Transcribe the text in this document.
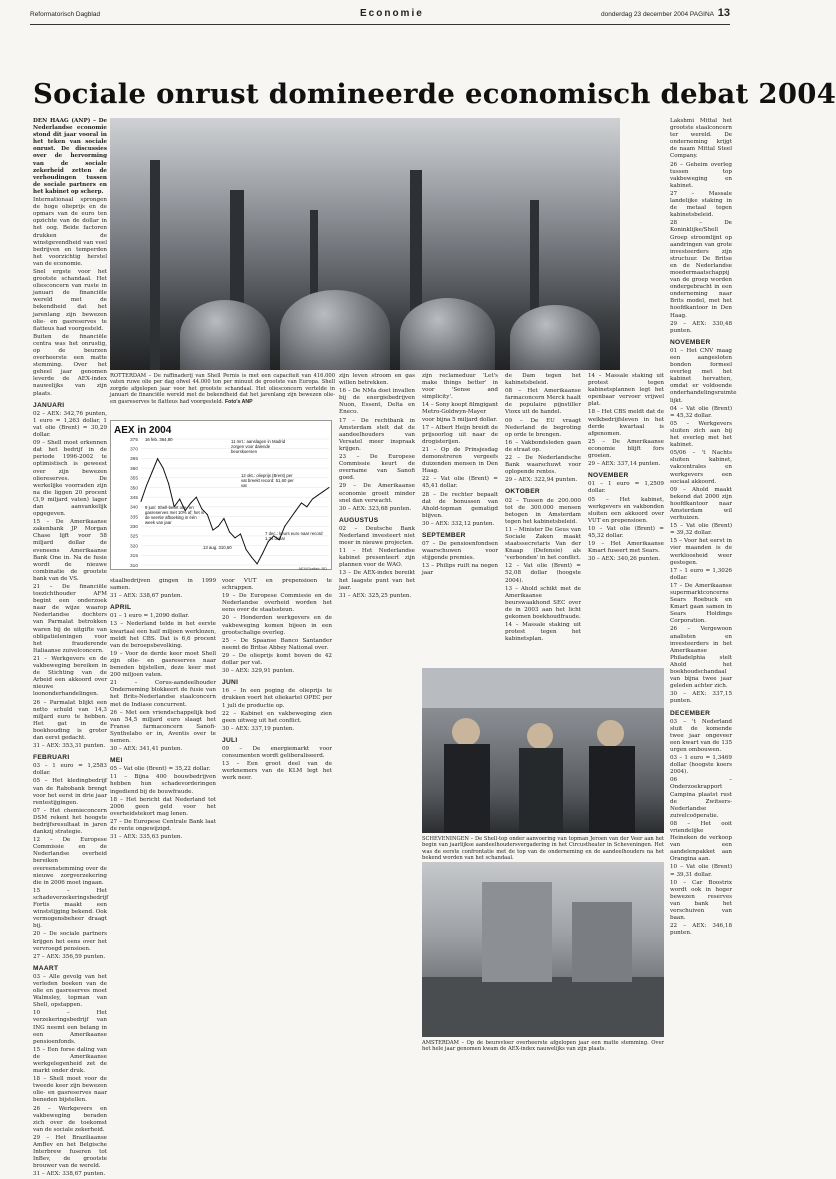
Reformatorisch Dagblad	Economie	donderdag 23 december 2004 PAGINA 13
Sociale onrust domineerde economisch debat 2004

DEN HAAG (ANP) – De Nederlandse economie stond dit jaar vooral in het teken van sociale onrust. De discussies over de hervorming van de sociale zekerheid zetten de verhoudingen tussen de sociale partners en het kabinet op scherp.

Internationaal sprongen de hoge olieprijs en de opmars van de euro ten opzichte van de dollar in het oog. Beide factoren drukken de winstgevendheid van veel bedrijven en temperden het voorzichtig herstel van de economie.

Snel ergste voor het grootste schandaal. Het oliesconcern van ruste in januari de financiële wereld met de bekendheid dat het jarenlang zijn bewezen olie- en gasreserves te flatteus had voorgesteld.

Buiten de financiële centra was het onrustig, op de beurzen overheerste een matte stemming. Over het geheel jaar genomen leverde de AEX-index nauwelijks van zijn plaats.

JANUARI

02 – AEX: 342,76 punten, 1 euro = 1,263 dollar, 1 vat olie (Brent) = 30,29 dollar.

09 – Shell moet erkennen dat het bedrijf in de periode 1996-2002 te optimistisch is geweest over zijn bewezen oliereserves. De werkelijke voorraden zijn na die liggen 20 procent (3,9 miljard vaten) lager dan aanvankelijk opgegeven.

15 – De Amerikaanse zakenbank JP Morgan Chase lijft voor 58 miljard dollar de eveneens Amerikaanse Bank One in. Na de fusie wordt de nieuwe combinatie de grootste bank van de VS.

21 – De financiële toezichthouder AFM begint een onderzoek naar de wijze waarop Nederlandse dochters van Parmalat betrokken waren bij de uitgifte van obligatieleningen voor het frauderende Italiaanse zuivelconcern.

21 – Werkgevers en de vakbeweging bereiken in de Stichting van de Arbeid een akkoord over nieuwe loononderhandelingen.

26 – Parmalat blijkt een netto schuld van 14,3 miljard euro te hebben. Het gat in de boekhouding is groter dan eerst gedacht.

31 – AEX: 353,31 punten.

FEBRUARI

03 – 1 euro = 1,2583 dollar.

05 – Het kledingbedrijf van de Rabobank brengt voor het eerst in drie jaar rentestijgingen.

07 – Het chemieconcern DSM rekent het hoogste bedrijfsresultaat in jaren dankzij strategie.

12 – De Europese Commissie en de Nederlandse overheid bereiken overeenstemming over de nieuwe zorgverzekering die in 2006 moet ingaan.

15 – Het schadeverzekeringsbedrijf Fortis maakt een winststijging bekend. Ook vermogensbeheer draagt bij.

20 – De sociale partners krijgen het eens over het vervroegd pensioen.

27 – AEX: 356,59 punten.

MAART

03 – Alle gevolg van het verleden boeken van de olie en gasreserves moet Walmsley, topman van Shell, opstappen.

10 – Het verzekeringsbedrijf van ING neemt een belang in een Amerikaanse pensioenfonds.

15 – Een forse daling van de Amerikaanse werkgelegenheid zet de markt onder druk.

18 – Shell moet voor de tweede keer zijn bewezen olie- en gasreserves naar beneden bijstellen.

26 – Werkgevers en vakbeweging beraden zich over de toekomst van de sociale zekerheid.

29 – Het Braziliaanse AmBev en het Belgische Interbrew fuseren tot InBev, de grootste brouwer van de wereld.

31 – AEX: 338,67 punten.

ROTTERDAM – De raffinaderij van Shell Pernis is met een capaciteit van 416.000 vaten ruwe olie per dag ofwel 44.000 ton per minuut de grootste van Europa. Shell zorgde afgelopen jaar voor het grootste schandaal. Het oliesconcern vertelde in januari de financiële wereld met de bekendheid dat het jarenlang zijn bewezen olie- en gasreserves te flatteus had voorgesteld. Foto's ANP
AEX in 2004
310
315
320
325
330
335
340
345
350
355
360
365
370
375 16 feb. 364,80	11 mrt.: aanslagen in Madrid zorgen voor dalende beurskoersen
12 okt.: olieprijs (Brent) per vat breekt record: 51,60 per vat
9 juni: Shell-beurt olie- en gasreserves met 10% af; het is de veertie afboeking in één week van jaar
13 aug. 310,60
7 dec.: keurs euro naar record 1,34 dollar
AEX/Grafiek: RD

staalbedrijven gingen in 1999 samen.

31 – AEX: 338,67 punten.

APRIL

01 – 1 euro = 1,2090 dollar.

13 – Nederland telde in het eerste kwartaal een half miljoen werklozen, meldt het CBS. Dat is 6,6 procent van de beroepsbevolking.

19 – Voor de derde keer moet Shell zijn olie- en gasreserves naar beneden bijstellen, deze keer met 200 miljoen vaten.

21 – Corus-aandeelhouder Onderneming blokkeert de fusie van het Brits-Nederlandse staalconcern met de Indiase concurrent.

26 – Met een vriendschappelijk bod van 54,5 miljard euro slaagt het Franse farmaconcern Sanofi-Synthelabo er in, Aventis over te nemen.

30 – AEX: 341,41 punten.

MEI

05 – Vat olie (Brent) = 35,22 dollar.

11 – Bijna 400 bouwbedrijven hebben hun schadevorderingen ingediend bij de bouwfraude.

18 – Het bericht dat Nederland tot 2006 geen geld voor het overheidstekort mag lenen.

27 – De Europese Centrale Bank laat de rente ongewijzigd.

31 – AEX: 335,63 punten.

voor VUT en prepensioen te schrappen.

19 – De Europese Commissie en de Nederlandse overheid worden het eens over de staatssteun.

20 – Honderden werkgevers en de vakbeweging komen bijeen in een grootschalige overleg.

25 – De Spaanse Banco Santander neemt de Britse Abbey National over.

29 – De olieprijs komt boven de 42 dollar per vat.

30 – AEX: 329,91 punten.

JUNI

16 – In een poging de olieprijs te drukken voert het oliekartel OPEC per 1 juli de productie op.

22 – Kabinet en vakbeweging zien geen uitweg uit het conflict.

30 – AEX: 337,19 punten.

JULI

09 – De energiemarkt voor consumenten wordt geliberaliseerd.

13 – Een groot deel van de werknemers van de KLM legt het werk neer.

zijn leven stroom en gas willen betrekken.

16 – De NMa doet invallen bij de energiebedrijven Nuon, Essent, Delta en Eneco.

17 – De rechtbank in Amsterdam stelt dat de aandeelhouders van Versatel meer inspraak krijgen.

23 – De Europese Commissie keurt de overname van Sanofi goed.

29 – De Amerikaanse economie groeit minder snel dan verwacht.

30 – AEX: 323,68 punten.

AUGUSTUS

02 – Deutsche Bank Nederland investeert niet meer in nieuwe projecten.

11 – Het Nederlandse kabinet presenteert zijn plannen voor de WAO.

13 – De AEX-index bereikt het laagste punt van het jaar.

31 – AEX: 325,25 punten.

zijn reclameduur 'Let's make things better' in voor 'Sense and simplicity'.

14 – Sony koopt filmgigant Metro-Goldwyn-Mayer voor bijna 5 miljard dollar.

17 – Albert Heijn breidt de prijsoorlog uit naar de drogisterijen.

21 – Op de Prinsjesdag demonstreren vergeefs duizenden mensen in Den Haag.

22 – Vat olie (Brent) = 45,41 dollar.

28 – De rechter bepaalt dat de bonussen van Ahold-topman gematigd blijven.

30 – AEX: 332,12 punten.

SEPTEMBER

07 – De pensioenfondsen waarschuwen voor stijgende premies.

13 – Philips ruilt na negen jaar

de Dam tegen het kabinetsbeleid.

08 – Het Amerikaanse farmaconcern Merck haalt de populaire pijnstiller Vioxx uit de handel.

09 – De EU vraagt Nederland de begroting op orde te brengen.

16 – Vakbondsleden gaan de straat op.

22 – De Nederlandsche Bank waarschuwt voor oplopende rentes.

29 – AEX: 322,94 punten.

OKTOBER

02 – Tussen de 200.000 tot de 300.000 mensen betogen in Amsterdam tegen het kabinetsbeleid.

11 – Minister De Geus van Sociale Zaken maakt staatssecretaris Van der Knaap (Defensie) als 'verbonden' in het conflict.

12 – Vat olie (Brent) = 52,08 dollar (hoogste 2004).

13 – Ahold schikt met de Amerikaanse beurswaakhond SEC over de in 2003 aan het licht gekomen boekhoudfraude.

14 – Massale staking uit protest tegen het kabinetsplan.

14 – Massale staking uit protest tegen kabinetsplannen legt het openbaar vervoer vrijwel plat.

18 – Het CBS meldt dat de welkbedrijfsleven in het derde kwartaal is afgenomen.

25 – De Amerikaanse economie blijft fors groeien.

29 – AEX: 337,14 punten.

NOVEMBER

01 – 1 euro = 1,2509 dollar.

05 – Het kabinet, werkgevers en vakbonden sluiten een akkoord over VUT en prepensioen.

10 – Vat olie (Brent) = 45,32 dollar.

19 – Het Amerikaanse Kmart fuseert met Sears.

30 – AEX: 340,26 punten.

SCHEVENINGEN – De Shell-top onder aanvoering van topman Jeroen van der Veer aan het begin van jaarlijkse aandeelhoudersvergadering in het Circustheater in Scheveningen. Het was de eerste confrontatie met de top van de onderneming en de aandeelhouders na het bekend worden van het schandaal.
AMSTERDAM – Op de beursvloer overheerste afgelopen jaar een matte stemming. Over het hele jaar genomen kwam de AEX-index nauwelijks van zijn plaats.

Lakshmi Mittal het grootste staalconcern ter wereld. De onderneming krijgt de naam Mittal Steel Company.

26 – Geheim overleg tussen top vakbeweging en kabinet.

27 – Massale landelijke staking in de metaal tegen kabinetsbeleid.

28 – De Koninklijke/Shell Groep stroomlijnt op aandringen van grote investeerders zijn structuur. De Britse en de Nederlandse moedermaatschappij van de groep worden ondergebracht in een onderneming naar Brits model, met het hoofdkantoor in Den Haag.

29 – AEX: 330,48 punten.

NOVEMBER

01 – Het CNV maag een aangesloten bonden formeel overleg met het kabinet hervatten, omdat er voldoende onderhandelingsruimte lijkt.

04 – Vat olie (Brent) = 45,32 dollar.

05 – Werkgevers sluiten zich aan bij het overleg met het kabinet.

05/06 – 't Nachts sluiten kabinet, vakcentrales en werkgevers een sociaal akkoord.

09 – Ahold maakt bekend dat 2000 zijn hoofdkantoor naar Amsterdam wil verhuizen.

15 – Vat olie (Brent) = 39,32 dollar.

15 – Voor het eerst in vier maanden is de werkloosheid weer gestegen.

17 – 1 euro = 1,3026 dollar.

17 – De Amerikaanse supermarktconcerns Sears Roebuck en Kmart gaan samen in Sears Holdings Corporation.

26 – Vergewoon analisten en investeerders in het Amerikaanse Philadelphia stelt Ahold het boekhoudschandaal van bijna twee jaar geleden achter zich.

30 – AEX: 337,15 punten.

DECEMBER

03 – 't Nederland sluit de komende twee jaar ongeveer een kwart van de 135 urgen ombouwen.

03 – 1 euro = 1,3469 dollar (hoogste koers 2004).

06 – Onderzoekrapport Campina plaatst rust de Zwitsers-Nederlandse zuivelcoöperatie.

08 – Het ooit vriendelijke Heineken de verkoop van een aandelenpakket aan Orangina aan.

10 – Vat olie (Brent) = 39,31 dollar.

10 – Car Boostrix wordt ook in hoger bewezen reserves van bank het verschuiven van baan.

22 – AEX: 346,18 punten.
